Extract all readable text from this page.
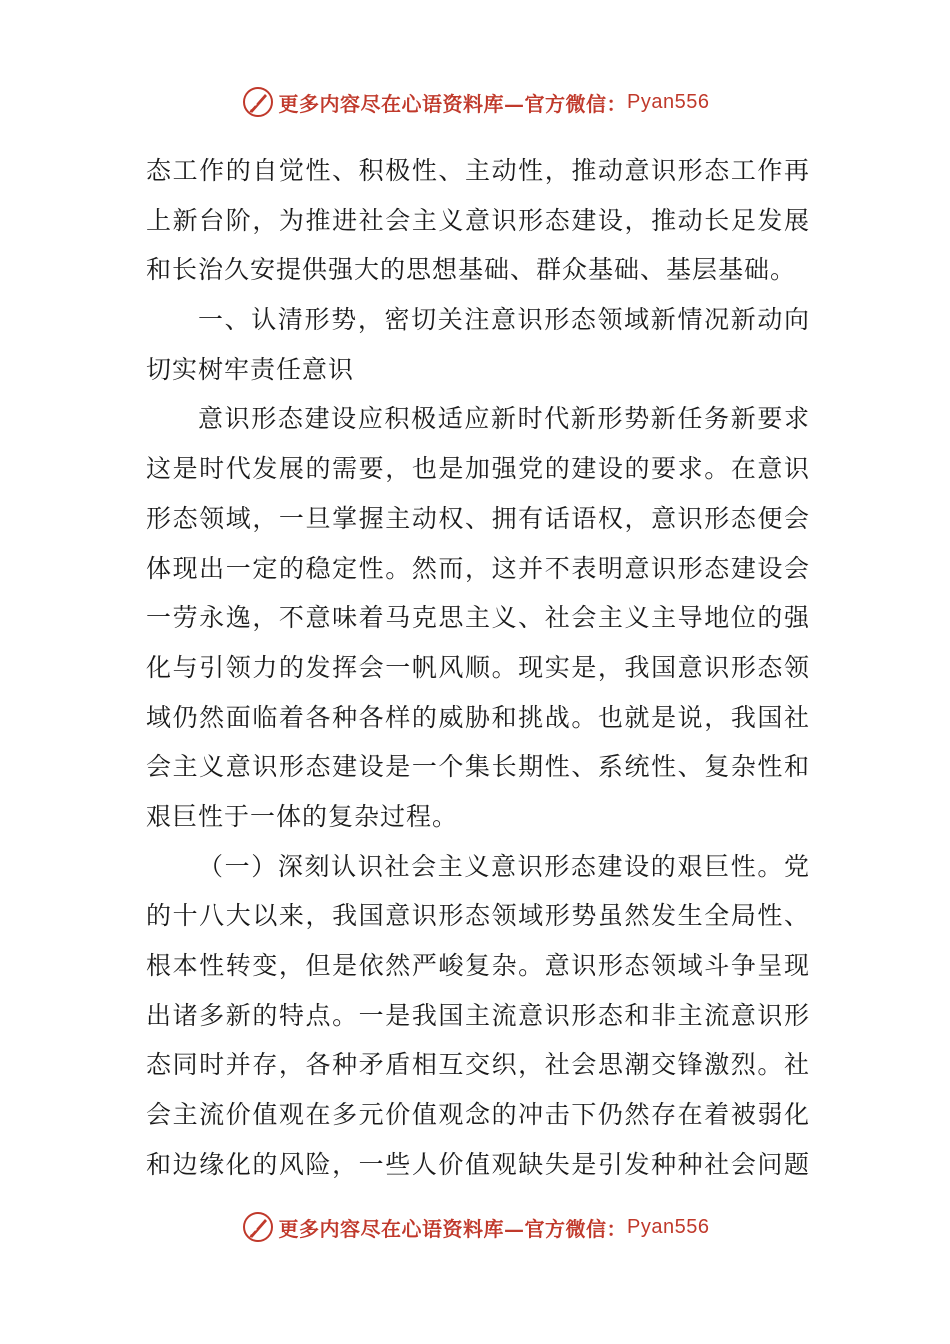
更多内容尽在心语资料库—官方微信： Pyan556
态工作的自觉性、积极性、主动性，推动意识形态工作再
上新台阶，为推进社会主义意识形态建设，推动长足发展
和长治久安提供强大的思想基础、群众基础、基层基础。
一、认清形势，密切关注意识形态领域新情况新动向
切实树牢责任意识
意识形态建设应积极适应新时代新形势新任务新要求
这是时代发展的需要，也是加强党的建设的要求。在意识
形态领域，一旦掌握主动权、拥有话语权，意识形态便会
体现出一定的稳定性。然而，这并不表明意识形态建设会
一劳永逸，不意味着马克思主义、社会主义主导地位的强
化与引领力的发挥会一帆风顺。现实是，我国意识形态领
域仍然面临着各种各样的威胁和挑战。也就是说，我国社
会主义意识形态建设是一个集长期性、系统性、复杂性和
艰巨性于一体的复杂过程。
（一）深刻认识社会主义意识形态建设的艰巨性。党
的十八大以来，我国意识形态领域形势虽然发生全局性、
根本性转变，但是依然严峻复杂。意识形态领域斗争呈现
出诸多新的特点。一是我国主流意识形态和非主流意识形
态同时并存，各种矛盾相互交织，社会思潮交锋激烈。社
会主流价值观在多元价值观念的冲击下仍然存在着被弱化
和边缘化的风险，一些人价值观缺失是引发种种社会问题
更多内容尽在心语资料库—官方微信： Pyan556
